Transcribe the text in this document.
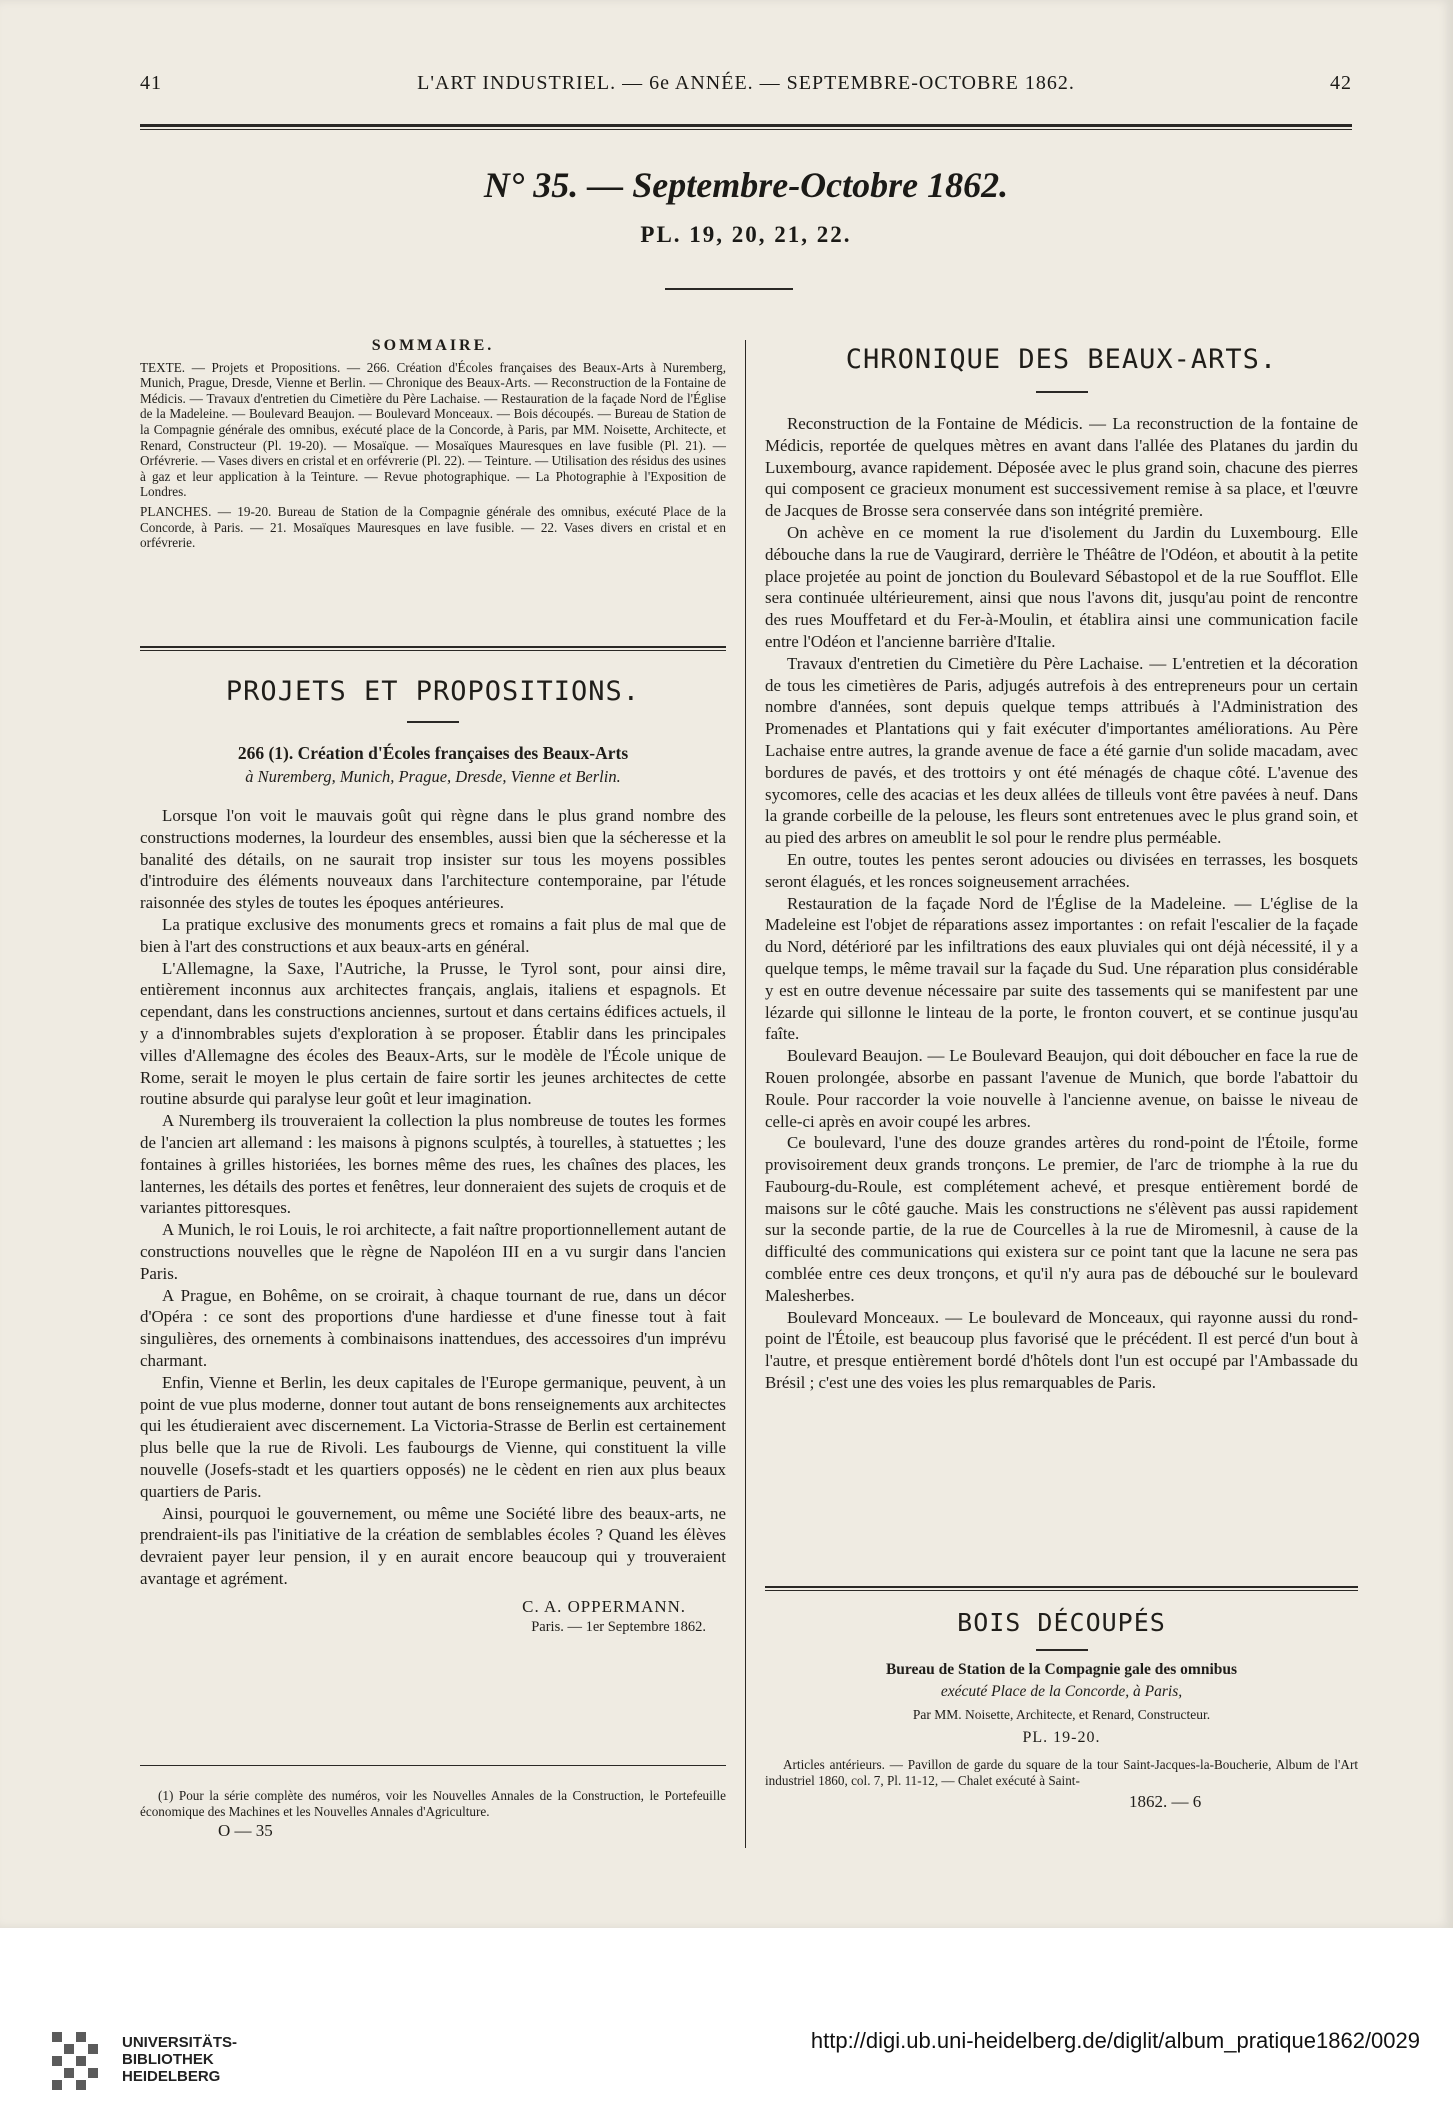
41	L'ART INDUSTRIEL. — 6e ANNÉE. — SEPTEMBRE-OCTOBRE 1862.	42
N° 35. — Septembre-Octobre 1862.
PL. 19, 20, 21, 22.
SOMMAIRE.

TEXTE. — Projets et Propositions. — 266. Création d'Écoles françaises des Beaux-Arts à Nuremberg, Munich, Prague, Dresde, Vienne et Berlin. — Chronique des Beaux-Arts. — Reconstruction de la Fontaine de Médicis. — Travaux d'entretien du Cimetière du Père Lachaise. — Restauration de la façade Nord de l'Église de la Madeleine. — Boulevard Beaujon. — Boulevard Monceaux. — Bois découpés. — Bureau de Station de la Compagnie générale des omnibus, exécuté place de la Concorde, à Paris, par MM. Noisette, Architecte, et Renard, Constructeur (Pl. 19-20). — Mosaïque. — Mosaïques Mauresques en lave fusible (Pl. 21). — Orfévrerie. — Vases divers en cristal et en orfévrerie (Pl. 22). — Teinture. — Utilisation des résidus des usines à gaz et leur application à la Teinture. — Revue photographique. — La Photographie à l'Exposition de Londres.

PLANCHES. — 19-20. Bureau de Station de la Compagnie générale des omnibus, exécuté Place de la Concorde, à Paris. — 21. Mosaïques Mauresques en lave fusible. — 22. Vases divers en cristal et en orfévrerie.

PROJETS ET PROPOSITIONS.
266 (1). Création d'Écoles françaises des Beaux-Arts
à Nuremberg, Munich, Prague, Dresde, Vienne et Berlin.

Lorsque l'on voit le mauvais goût qui règne dans le plus grand nombre des constructions modernes, la lourdeur des ensembles, aussi bien que la sécheresse et la banalité des détails, on ne saurait trop insister sur tous les moyens possibles d'introduire des éléments nouveaux dans l'architecture contemporaine, par l'étude raisonnée des styles de toutes les époques antérieures.

La pratique exclusive des monuments grecs et romains a fait plus de mal que de bien à l'art des constructions et aux beaux-arts en général.

L'Allemagne, la Saxe, l'Autriche, la Prusse, le Tyrol sont, pour ainsi dire, entièrement inconnus aux architectes français, anglais, italiens et espagnols. Et cependant, dans les constructions anciennes, surtout et dans certains édifices actuels, il y a d'innombrables sujets d'exploration à se proposer. Établir dans les principales villes d'Allemagne des écoles des Beaux-Arts, sur le modèle de l'École unique de Rome, serait le moyen le plus certain de faire sortir les jeunes architectes de cette routine absurde qui paralyse leur goût et leur imagination.

A Nuremberg ils trouveraient la collection la plus nombreuse de toutes les formes de l'ancien art allemand : les maisons à pignons sculptés, à tourelles, à statuettes ; les fontaines à grilles historiées, les bornes même des rues, les chaînes des places, les lanternes, les détails des portes et fenêtres, leur donneraient des sujets de croquis et de variantes pittoresques.

A Munich, le roi Louis, le roi architecte, a fait naître proportionnellement autant de constructions nouvelles que le règne de Napoléon III en a vu surgir dans l'ancien Paris.

A Prague, en Bohême, on se croirait, à chaque tournant de rue, dans un décor d'Opéra : ce sont des proportions d'une hardiesse et d'une finesse tout à fait singulières, des ornements à combinaisons inattendues, des accessoires d'un imprévu charmant.

Enfin, Vienne et Berlin, les deux capitales de l'Europe germanique, peuvent, à un point de vue plus moderne, donner tout autant de bons renseignements aux architectes qui les étudieraient avec discernement. La Victoria-Strasse de Berlin est certainement plus belle que la rue de Rivoli. Les faubourgs de Vienne, qui constituent la ville nouvelle (Josefs-stadt et les quartiers opposés) ne le cèdent en rien aux plus beaux quartiers de Paris.

Ainsi, pourquoi le gouvernement, ou même une Société libre des beaux-arts, ne prendraient-ils pas l'initiative de la création de semblables écoles ? Quand les élèves devraient payer leur pension, il y en aurait encore beaucoup qui y trouveraient avantage et agrément.

C. A. OPPERMANN.

Paris. — 1er Septembre 1862.

(1) Pour la série complète des numéros, voir les Nouvelles Annales de la Construction, le Portefeuille économique des Machines et les Nouvelles Annales d'Agriculture.

O — 35
CHRONIQUE DES BEAUX-ARTS.

Reconstruction de la Fontaine de Médicis. — La reconstruction de la fontaine de Médicis, reportée de quelques mètres en avant dans l'allée des Platanes du jardin du Luxembourg, avance rapidement. Déposée avec le plus grand soin, chacune des pierres qui composent ce gracieux monument est successivement remise à sa place, et l'œuvre de Jacques de Brosse sera conservée dans son intégrité première.

On achève en ce moment la rue d'isolement du Jardin du Luxembourg. Elle débouche dans la rue de Vaugirard, derrière le Théâtre de l'Odéon, et aboutit à la petite place projetée au point de jonction du Boulevard Sébastopol et de la rue Soufflot. Elle sera continuée ultérieurement, ainsi que nous l'avons dit, jusqu'au point de rencontre des rues Mouffetard et du Fer-à-Moulin, et établira ainsi une communication facile entre l'Odéon et l'ancienne barrière d'Italie.

Travaux d'entretien du Cimetière du Père Lachaise. — L'entretien et la décoration de tous les cimetières de Paris, adjugés autrefois à des entrepreneurs pour un certain nombre d'années, sont depuis quelque temps attribués à l'Administration des Promenades et Plantations qui y fait exécuter d'importantes améliorations. Au Père Lachaise entre autres, la grande avenue de face a été garnie d'un solide macadam, avec bordures de pavés, et des trottoirs y ont été ménagés de chaque côté. L'avenue des sycomores, celle des acacias et les deux allées de tilleuls vont être pavées à neuf. Dans la grande corbeille de la pelouse, les fleurs sont entretenues avec le plus grand soin, et au pied des arbres on ameublit le sol pour le rendre plus perméable.

En outre, toutes les pentes seront adoucies ou divisées en terrasses, les bosquets seront élagués, et les ronces soigneusement arrachées.

Restauration de la façade Nord de l'Église de la Madeleine. — L'église de la Madeleine est l'objet de réparations assez importantes : on refait l'escalier de la façade du Nord, détérioré par les infiltrations des eaux pluviales qui ont déjà nécessité, il y a quelque temps, le même travail sur la façade du Sud. Une réparation plus considérable y est en outre devenue nécessaire par suite des tassements qui se manifestent par une lézarde qui sillonne le linteau de la porte, le fronton couvert, et se continue jusqu'au faîte.

Boulevard Beaujon. — Le Boulevard Beaujon, qui doit déboucher en face la rue de Rouen prolongée, absorbe en passant l'avenue de Munich, que borde l'abattoir du Roule. Pour raccorder la voie nouvelle à l'ancienne avenue, on baisse le niveau de celle-ci après en avoir coupé les arbres.

Ce boulevard, l'une des douze grandes artères du rond-point de l'Étoile, forme provisoirement deux grands tronçons. Le premier, de l'arc de triomphe à la rue du Faubourg-du-Roule, est complétement achevé, et presque entièrement bordé de maisons sur le côté gauche. Mais les constructions ne s'élèvent pas aussi rapidement sur la seconde partie, de la rue de Courcelles à la rue de Miromesnil, à cause de la difficulté des communications qui existera sur ce point tant que la lacune ne sera pas comblée entre ces deux tronçons, et qu'il n'y aura pas de débouché sur le boulevard Malesherbes.

Boulevard Monceaux. — Le boulevard de Monceaux, qui rayonne aussi du rond-point de l'Étoile, est beaucoup plus favorisé que le précédent. Il est percé d'un bout à l'autre, et presque entièrement bordé d'hôtels dont l'un est occupé par l'Ambassade du Brésil ; c'est une des voies les plus remarquables de Paris.

BOIS DÉCOUPÉS
Bureau de Station de la Compagnie gale des omnibus
exécuté Place de la Concorde, à Paris,
Par MM. Noisette, Architecte, et Renard, Constructeur.
PL. 19-20.

Articles antérieurs. — Pavillon de garde du square de la tour Saint-Jacques-la-Boucherie, Album de l'Art industriel 1860, col. 7, Pl. 11-12, — Chalet exécuté à Saint-

1862. — 6
UNIVERSITÄTS-
BIBLIOTHEK
HEIDELBERG
http://digi.ub.uni-heidelberg.de/diglit/album_pratique1862/0029
